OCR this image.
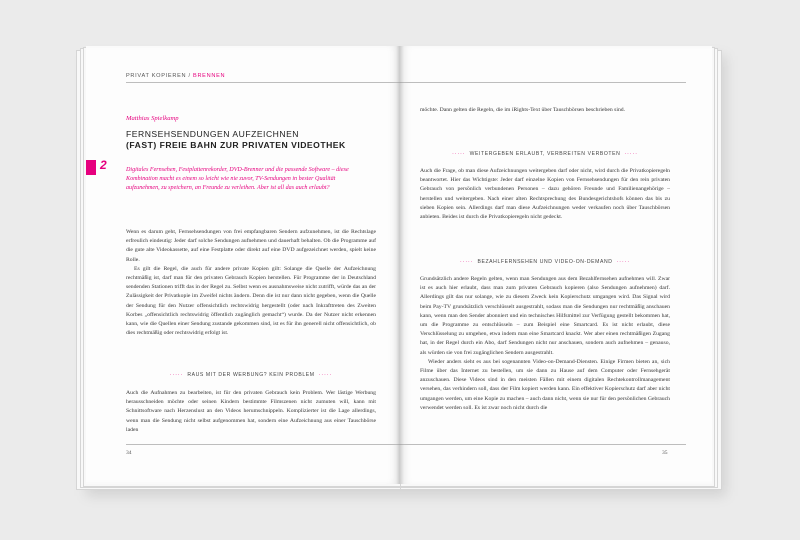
PRIVAT KOPIEREN / BRENNEN
Matthias Spielkamp
FERNSEHSENDUNGEN AUFZEICHNEN
(FAST) FREIE BAHN ZUR PRIVATEN VIDEOTHEK
2	Digitales Fernsehen, Festplattenrekorder, DVD-Brenner und die passende Software – diese Kombination macht es einem so leicht wie nie zuvor, TV-Sendungen in bester Qualität aufzunehmen, zu speichern, an Freunde zu verleihen. Aber ist all das auch erlaubt?

Wenn es darum geht, Fernsehsendungen von frei empfangbaren Sendern aufzunehmen, ist die Rechtslage erfreulich eindeutig: Jeder darf solche Sendungen aufnehmen und dauerhaft behalten. Ob die Programme auf die gute alte Videokassette, auf eine Festplatte oder direkt auf eine DVD aufgezeichnet werden, spielt keine Rolle.

Es gilt die Regel, die auch für andere private Kopien gilt: Solange die Quelle der Aufzeichnung rechtmäßig ist, darf man für den privaten Gebrauch Kopien herstellen. Für Programme der in Deutschland sendenden Stationen trifft das in der Regel zu. Selbst wenn es ausnahmsweise nicht zutrifft, würde das an der Zulässigkeit der Privatkopie im Zweifel nichts ändern. Denn die ist nur dann nicht gegeben, wenn die Quelle der Sendung für den Nutzer offensichtlich rechtswidrig hergestellt (oder nach Inkrafttreten des Zweiten Korbes „offensichtlich rechtswidrig öffentlich zugänglich gemacht“) wurde. Da der Nutzer nicht erkennen kann, wie die Quellen einer Sendung zustande gekommen sind, ist es für ihn generell nicht offensichtlich, ob dies rechtmäßig oder rechtswidrig erfolgt ist.

····· RAUS MIT DER WERBUNG? KEIN PROBLEM ·····

Auch die Aufnahmen zu bearbeiten, ist für den privaten Gebrauch kein Problem. Wer lästige Werbung herausschneiden möchte oder seinen Kindern bestimmte Filmszenen nicht zumuten will, kann mit Schnittsoftware nach Herzenslust an den Videos herumschnippeln. Komplizierter ist die Lage allerdings, wenn man die Sendung nicht selbst aufgenommen hat, sondern eine Aufzeichnung aus einer Tauschbörse laden

34

möchte. Dann gelten die Regeln, die im iRights-Text über Tauschbörsen beschrieben sind.

····· WEITERGEBEN ERLAUBT, VERBREITEN VERBOTEN ·····

Auch die Frage, ob man diese Aufzeichnungen weitergeben darf oder nicht, wird durch die Privatkopieregeln beantwortet. Hier das Wichtigste: Jeder darf einzelne Kopien von Fernsehsendungen für den rein privaten Gebrauch von persönlich verbundenen Personen – dazu gehören Freunde und Familienangehörige – herstellen und weitergeben. Nach einer alten Rechtsprechung des Bundesgerichtshofs können das bis zu sieben Kopien sein. Allerdings darf man diese Aufzeichnungen weder verkaufen noch über Tauschbörsen anbieten. Beides ist durch die Privatkopieregeln nicht gedeckt.

····· BEZAHLFERNSEHEN UND VIDEO-ON-DEMAND ·····

Grundsätzlich andere Regeln gelten, wenn man Sendungen aus dem Bezahlfernsehen aufnehmen will. Zwar ist es auch hier erlaubt, dass man zum privaten Gebrauch kopieren (also Sendungen aufnehmen) darf. Allerdings gilt das nur solange, wie zu diesem Zweck kein Kopierschutz umgangen wird. Das Signal wird beim Pay-TV grundsätzlich verschlüsselt ausgestrahlt, sodass man die Sendungen nur rechtmäßig anschauen kann, wenn man den Sender abonniert und ein technisches Hilfsmittel zur Verfügung gestellt bekommen hat, um die Programme zu entschlüsseln – zum Beispiel eine Smartcard. Es ist nicht erlaubt, diese Verschlüsselung zu umgehen, etwa indem man eine Smartcard knackt. Wer aber einen rechtmäßigen Zugang hat, in der Regel durch ein Abo, darf Sendungen nicht nur anschauen, sondern auch aufnehmen – genauso, als würden sie von frei zugänglichen Sendern ausgestrahlt.

Wieder anders sieht es aus bei sogenannten Video-on-Demand-Diensten. Einige Firmen bieten an, sich Filme über das Internet zu bestellen, um sie dann zu Hause auf dem Computer oder Fernsehgerät anzuschauen. Diese Videos sind in den meisten Fällen mit einem digitalen Rechtekontrollmanagement versehen, das verhindern soll, dass der Film kopiert werden kann. Ein effektiver Kopierschutz darf aber nicht umgangen werden, um eine Kopie zu machen – auch dann nicht, wenn sie nur für den persönlichen Gebrauch verwendet werden soll. Es ist zwar noch nicht durch die

35
